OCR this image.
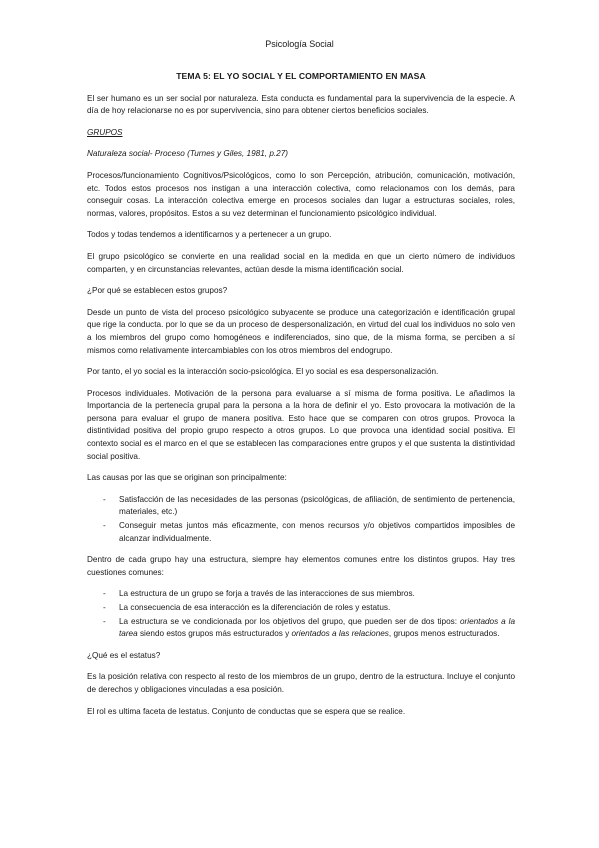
Psicología Social
TEMA 5: EL YO SOCIAL Y EL COMPORTAMIENTO EN MASA

El ser humano es un ser social por naturaleza. Esta conducta es fundamental para la supervivencia de la especie. A día de hoy relacionarse no es por supervivencia, sino para obtener ciertos beneficios sociales.

GRUPOS

Naturaleza social- Proceso (Turnes y Giles, 1981, p.27)

Procesos/funcionamiento Cognitivos/Psicológicos, como lo son Percepción, atribución, comunicación, motivación, etc. Todos estos procesos nos instigan a una interacción colectiva, como relacionamos con los demás, para conseguir cosas. La interacción colectiva emerge en procesos sociales dan lugar a estructuras sociales, roles, normas, valores, propósitos. Estos a su vez determinan el funcionamiento psicológico individual.

Todos y todas tendemos a identificarnos y a pertenecer a un grupo.

El grupo psicológico se convierte en una realidad social en la medida en que un cierto número de individuos comparten, y en circunstancias relevantes, actúan desde la misma identificación social.

¿Por qué se establecen estos grupos?

Desde un punto de vista del proceso psicológico subyacente se produce una categorización e identificación grupal que rige la conducta. por lo que se da un proceso de despersonalización, en virtud del cual los individuos no solo ven a los miembros del grupo como homogéneos e indiferenciados, sino que, de la misma forma, se perciben a sí mismos como relativamente intercambiables con los otros miembros del endogrupo.

Por tanto, el yo social es la interacción socio-psicológica. El yo social es esa despersonalización.

Procesos individuales. Motivación de la persona para evaluarse a sí misma de forma positiva. Le añadimos la Importancia de la pertenecía grupal para la persona a la hora de definir el yo. Esto provocara la motivación de la persona para evaluar el grupo de manera positiva. Esto hace que se comparen con otros grupos. Provoca la distintividad positiva del propio grupo respecto a otros grupos. Lo que provoca una identidad social positiva. El contexto social es el marco en el que se establecen las comparaciones entre grupos y el que sustenta la distintividad social positiva.

Las causas por las que se originan son principalmente:

- Satisfacción de las necesidades de las personas (psicológicas, de afiliación, de sentimiento de pertenencia, materiales, etc.)
- Conseguir metas juntos más eficazmente, con menos recursos y/o objetivos compartidos imposibles de alcanzar individualmente.

Dentro de cada grupo hay una estructura, siempre hay elementos comunes entre los distintos grupos. Hay tres cuestiones comunes:

- La estructura de un grupo se forja a través de las interacciones de sus miembros.
- La consecuencia de esa interacción es la diferenciación de roles y estatus.
- La estructura se ve condicionada por los objetivos del grupo, que pueden ser de dos tipos: orientados a la tarea siendo estos grupos más estructurados y orientados a las relaciones, grupos menos estructurados.

¿Qué es el estatus?

Es la posición relativa con respecto al resto de los miembros de un grupo, dentro de la estructura. Incluye el conjunto de derechos y obligaciones vinculadas a esa posición.

El rol es ultima faceta de lestatus. Conjunto de conductas que se espera que se realice.
